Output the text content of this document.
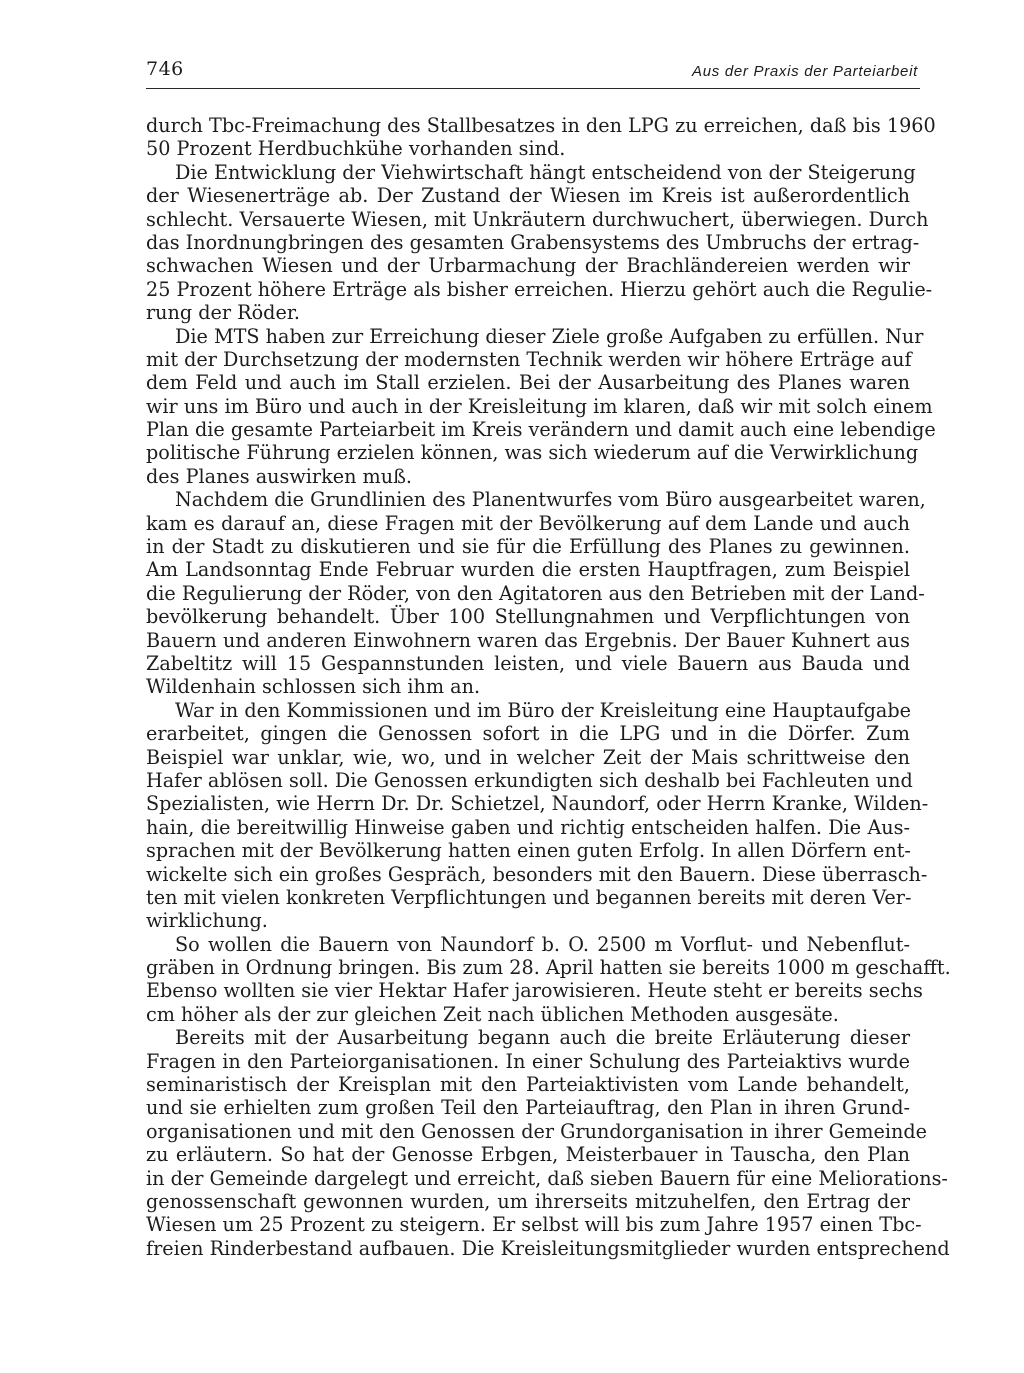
746	Aus der Praxis der Parteiarbeit
durch Tbc-Freimachung des Stallbesatzes in den LPG zu erreichen, daß bis 1960
50 Prozent Herdbuchkühe vorhanden sind.
Die Entwicklung der Viehwirtschaft hängt entscheidend von der Steigerung
der Wiesenerträge ab. Der Zustand der Wiesen im Kreis ist außerordentlich
schlecht. Versauerte Wiesen, mit Unkräutern durchwuchert, überwiegen. Durch
das Inordnungbringen des gesamten Grabensystems des Umbruchs der ertrag-
schwachen Wiesen und der Urbarmachung der Brachländereien werden wir
25 Prozent höhere Erträge als bisher erreichen. Hierzu gehört auch die Regulie-
rung der Röder.
Die MTS haben zur Erreichung dieser Ziele große Aufgaben zu erfüllen. Nur
mit der Durchsetzung der modernsten Technik werden wir höhere Erträge auf
dem Feld und auch im Stall erzielen. Bei der Ausarbeitung des Planes waren
wir uns im Büro und auch in der Kreisleitung im klaren, daß wir mit solch einem
Plan die gesamte Parteiarbeit im Kreis verändern und damit auch eine lebendige
politische Führung erzielen können, was sich wiederum auf die Verwirklichung
des Planes auswirken muß.
Nachdem die Grundlinien des Planentwurfes vom Büro ausgearbeitet waren,
kam es darauf an, diese Fragen mit der Bevölkerung auf dem Lande und auch
in der Stadt zu diskutieren und sie für die Erfüllung des Planes zu gewinnen.
Am Landsonntag Ende Februar wurden die ersten Hauptfragen, zum Beispiel
die Regulierung der Röder, von den Agitatoren aus den Betrieben mit der Land-
bevölkerung behandelt. Über 100 Stellungnahmen und Verpflichtungen von
Bauern und anderen Einwohnern waren das Ergebnis. Der Bauer Kuhnert aus
Zabeltitz will 15 Gespannstunden leisten, und viele Bauern aus Bauda und
Wildenhain schlossen sich ihm an.
War in den Kommissionen und im Büro der Kreisleitung eine Hauptaufgabe
erarbeitet, gingen die Genossen sofort in die LPG und in die Dörfer. Zum
Beispiel war unklar, wie, wo, und in welcher Zeit der Mais schrittweise den
Hafer ablösen soll. Die Genossen erkundigten sich deshalb bei Fachleuten und
Spezialisten, wie Herrn Dr. Dr. Schietzel, Naundorf, oder Herrn Kranke, Wilden-
hain, die bereitwillig Hinweise gaben und richtig entscheiden halfen. Die Aus-
sprachen mit der Bevölkerung hatten einen guten Erfolg. In allen Dörfern ent-
wickelte sich ein großes Gespräch, besonders mit den Bauern. Diese überrasch-
ten mit vielen konkreten Verpflichtungen und begannen bereits mit deren Ver-
wirklichung.
So wollen die Bauern von Naundorf b. O. 2500 m Vorflut- und Nebenflut-
gräben in Ordnung bringen. Bis zum 28. April hatten sie bereits 1000 m geschafft.
Ebenso wollten sie vier Hektar Hafer jarowisieren. Heute steht er bereits sechs
cm höher als der zur gleichen Zeit nach üblichen Methoden ausgesäte.
Bereits mit der Ausarbeitung begann auch die breite Erläuterung dieser
Fragen in den Parteiorganisationen. In einer Schulung des Parteiaktivs wurde
seminaristisch der Kreisplan mit den Parteiaktivisten vom Lande behandelt,
und sie erhielten zum großen Teil den Parteiauftrag, den Plan in ihren Grund-
organisationen und mit den Genossen der Grundorganisation in ihrer Gemeinde
zu erläutern. So hat der Genosse Erbgen, Meisterbauer in Tauscha, den Plan
in der Gemeinde dargelegt und erreicht, daß sieben Bauern für eine Meliorations-
genossenschaft gewonnen wurden, um ihrerseits mitzuhelfen, den Ertrag der
Wiesen um 25 Prozent zu steigern. Er selbst will bis zum Jahre 1957 einen Tbc-
freien Rinderbestand aufbauen. Die Kreisleitungsmitglieder wurden entsprechend
